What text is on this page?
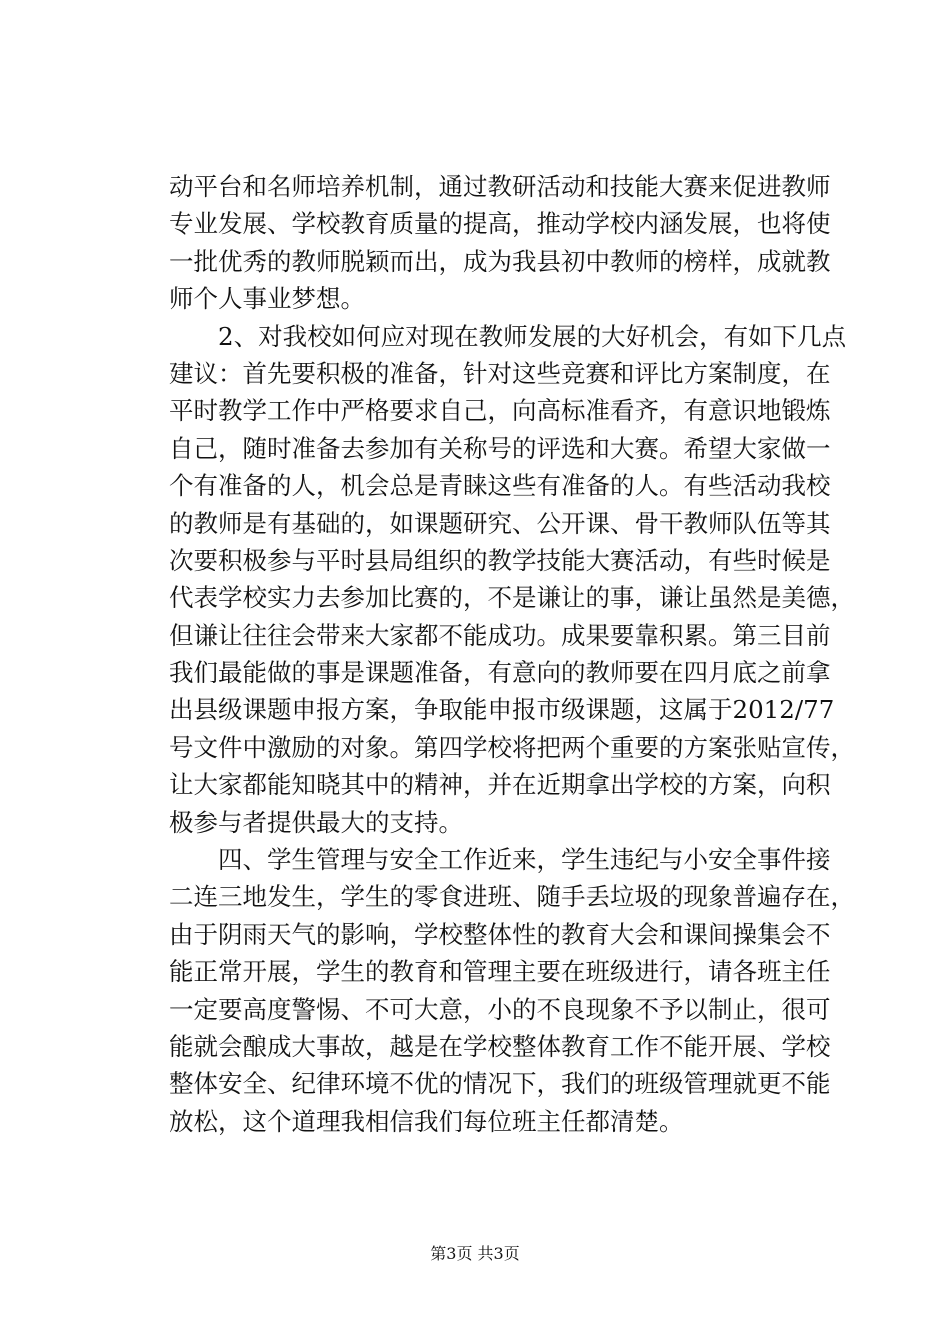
动平台和名师培养机制，通过教研活动和技能大赛来促进教师
专业发展、学校教育质量的提高，推动学校内涵发展，也将使
一批优秀的教师脱颖而出，成为我县初中教师的榜样，成就教
师个人事业梦想。
2、对我校如何应对现在教师发展的大好机会，有如下几点
建议：首先要积极的准备，针对这些竞赛和评比方案制度，在
平时教学工作中严格要求自己，向高标准看齐，有意识地锻炼
自己，随时准备去参加有关称号的评选和大赛。希望大家做一
个有准备的人，机会总是青睐这些有准备的人。有些活动我校
的教师是有基础的，如课题研究、公开课、骨干教师队伍等其
次要积极参与平时县局组织的教学技能大赛活动，有些时候是
代表学校实力去参加比赛的，不是谦让的事，谦让虽然是美德，
但谦让往往会带来大家都不能成功。成果要靠积累。第三目前
我们最能做的事是课题准备，有意向的教师要在四月底之前拿
出县级课题申报方案，争取能申报市级课题，这属于2012/77
号文件中激励的对象。第四学校将把两个重要的方案张贴宣传，
让大家都能知晓其中的精神，并在近期拿出学校的方案，向积
极参与者提供最大的支持。
四、学生管理与安全工作近来，学生违纪与小安全事件接
二连三地发生，学生的零食进班、随手丢垃圾的现象普遍存在，
由于阴雨天气的影响，学校整体性的教育大会和课间操集会不
能正常开展，学生的教育和管理主要在班级进行，请各班主任
一定要高度警惕、不可大意，小的不良现象不予以制止，很可
能就会酿成大事故，越是在学校整体教育工作不能开展、学校
整体安全、纪律环境不优的情况下，我们的班级管理就更不能
放松，这个道理我相信我们每位班主任都清楚。
第3页 共3页
